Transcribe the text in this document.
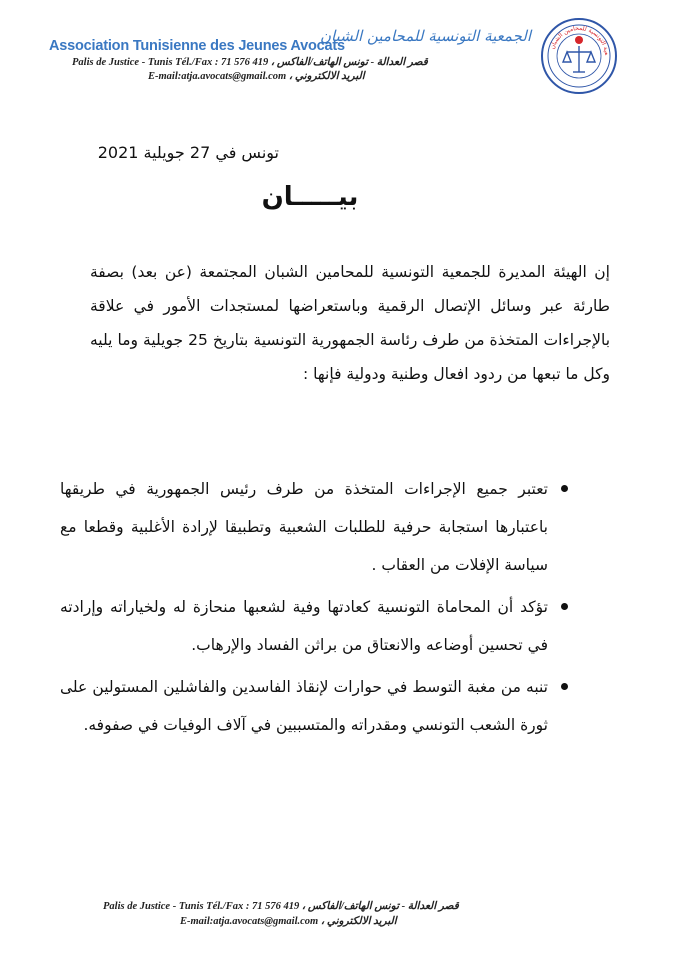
Association Tunisienne des Jeunes Avocats
الجمعية التونسية للمحامين الشبان
Palis de Justice - Tunis Tél./Fax : 71 576 419 ، قصر العدالة - تونس الهاتف/الفاكس
E-mail:atja.avocats@gmail.com ، البريد الالكتروني
عية التونسية للمحامين الشبان
تونس في 27 جويلية 2021
بيـــــان
إن الهيئة المديرة للجمعية التونسية للمحامين الشبان المجتمعة (عن بعد) بصفة طارئة عبر وسائل الإتصال الرقمية وباستعراضها لمستجدات الأمور في علاقة بالإجراءات المتخذة من طرف رئاسة الجمهورية التونسية بتاريخ 25 جويلية وما يليه وكل ما تبعها من ردود افعال وطنية ودولية فإنها :
تعتبر جميع الإجراءات المتخذة من طرف رئيس الجمهورية في طريقها باعتبارها استجابة حرفية للطلبات الشعبية وتطبيقا لإرادة الأغلبية وقطعا مع سياسة الإفلات من العقاب .
تؤكد أن المحاماة التونسية كعادتها وفية لشعبها منحازة له ولخياراته وإرادته في تحسين أوضاعه والانعتاق من براثن الفساد والإرهاب.
تنبه من مغبة التوسط في حوارات لإنقاذ الفاسدين والفاشلين المستولين على ثورة الشعب التونسي ومقدراته والمتسببين في آلاف الوفيات في صفوفه.
Palis de Justice - Tunis Tél./Fax : 71 576 419 ، قصر العدالة - تونس الهاتف/الفاكس
E-mail:atja.avocats@gmail.com ، البريد الالكتروني
